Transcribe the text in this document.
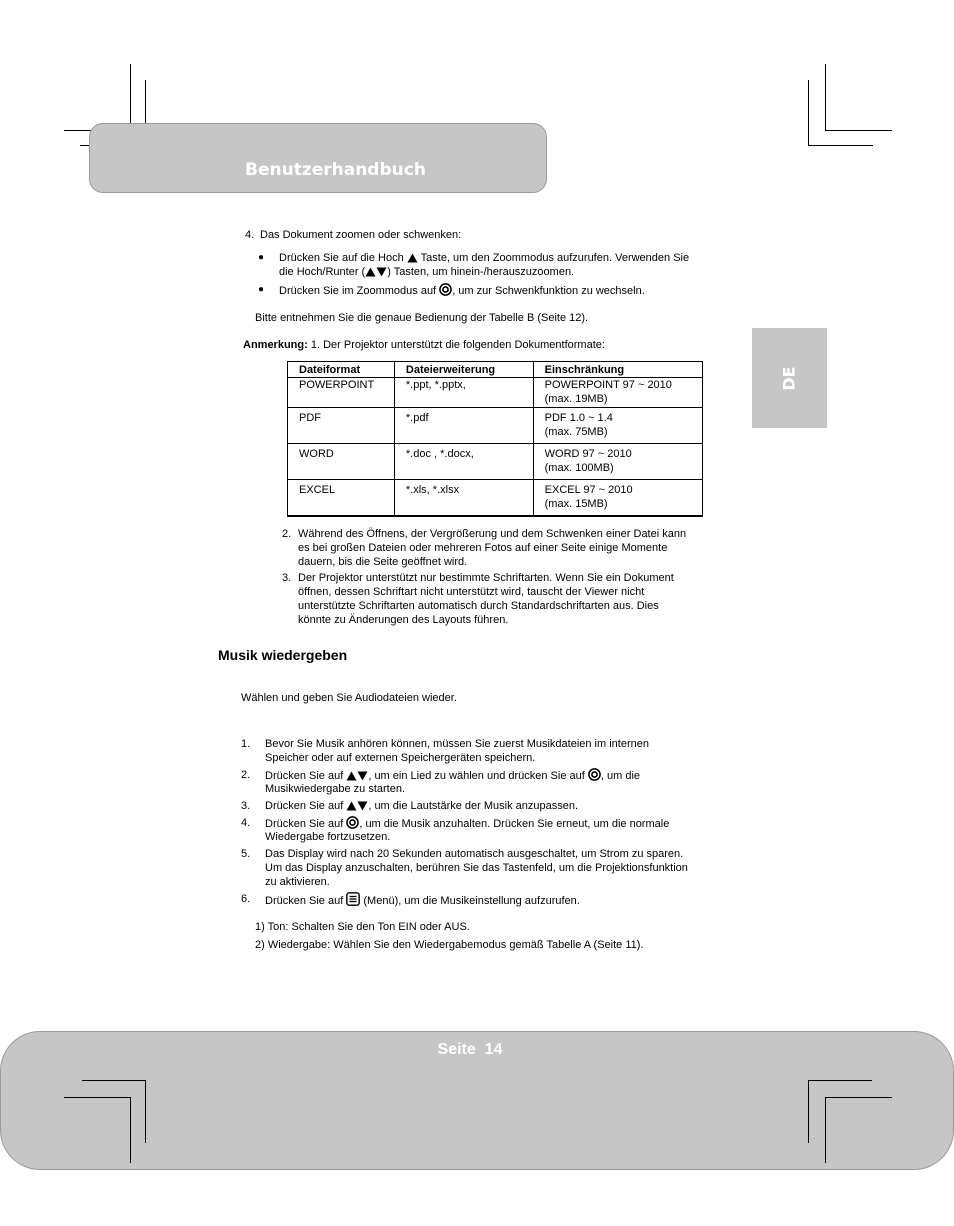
Benutzerhandbuch
DE
4. Das Dokument zoomen oder schwenken:
● Drücken Sie auf die Hoch Taste, um den Zoommodus aufzurufen. Verwenden Sie
die Hoch/Runter ( ) Tasten, um hinein-/herauszuzoomen.
● Drücken Sie im Zoommodus auf , um zur Schwenkfunktion zu wechseln.
Bitte entnehmen Sie die genaue Bedienung der Tabelle B (Seite 12).
Anmerkung: 1. Der Projektor unterstützt die folgenden Dokumentformate:
Dateiformat	Dateierweiterung	Einschränkung
POWERPOINT	*.ppt, *.pptx,	POWERPOINT 97 ~ 2010
(max. 19MB)

PDF	*.pdf	PDF 1.0 ~ 1.4
(max. 75MB)

WORD	*.doc , *.docx,	WORD 97 ~ 2010
(max. 100MB)

EXCEL	*.xls, *.xlsx	EXCEL 97 ~ 2010
(max. 15MB)
2. Während des Öffnens, der Vergrößerung und dem Schwenken einer Datei kann
es bei großen Dateien oder mehreren Fotos auf einer Seite einige Momente
dauern, bis die Seite geöffnet wird.
3. Der Projektor unterstützt nur bestimmte Schriftarten. Wenn Sie ein Dokument
öffnen, dessen Schriftart nicht unterstützt wird, tauscht der Viewer nicht
unterstützte Schriftarten automatisch durch Standardschriftarten aus. Dies
könnte zu Änderungen des Layouts führen.
Musik wiedergeben
Wählen und geben Sie Audiodateien wieder.
1. Bevor Sie Musik anhören können, müssen Sie zuerst Musikdateien im internen
Speicher oder auf externen Speichergeräten speichern.
2. Drücken Sie auf , um ein Lied zu wählen und drücken Sie auf , um die
Musikwiedergabe zu starten.
3. Drücken Sie auf , um die Lautstärke der Musik anzupassen.
4. Drücken Sie auf , um die Musik anzuhalten. Drücken Sie erneut, um die normale
Wiedergabe fortzusetzen.
5. Das Display wird nach 20 Sekunden automatisch ausgeschaltet, um Strom zu sparen.
Um das Display anzuschalten, berühren Sie das Tastenfeld, um die Projektionsfunktion
zu aktivieren.
6. Drücken Sie auf (Menü), um die Musikeinstellung aufzurufen.
1) Ton: Schalten Sie den Ton EIN oder AUS.
2) Wiedergabe: Wählen Sie den Wiedergabemodus gemäß Tabelle A (Seite 11).
Seite  14
